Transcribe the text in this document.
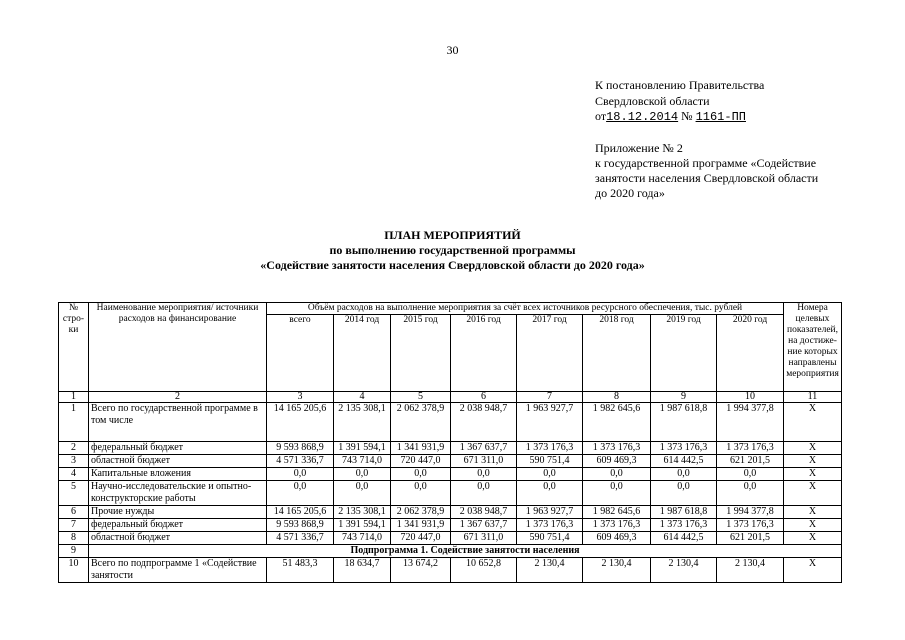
30
К постановлению Правительства
Свердловской области
от18.12.2014 № 1161-ПП
Приложение № 2
к государственной программе «Содействие
занятости населения Свердловской области
до 2020 года»
ПЛАН МЕРОПРИЯТИЙ
по выполнению государственной программы
«Содействие занятости населения Свердловской области до 2020 года»
№ стро-ки	Наименование мероприятия/ источники расходов на финансирование	Объём расходов на выполнение мероприятия за счёт всех источников ресурсного обеспечения, тыс. рублей								Номера целевых показателей, на достиже-ние которых направлены мероприятия
		всего	2014 год	2015 год	2016 год	2017 год	2018 год	2019 год	2020 год	
1	2	3	4	5	6	7	8	9	10	11
1	Всего по государственной программе в том числе	14 165 205,6	2 135 308,1	2 062 378,9	2 038 948,7	1 963 927,7	1 982 645,6	1 987 618,8	1 994 377,8	Х
2	федеральный бюджет	9 593 868,9	1 391 594,1	1 341 931,9	1 367 637,7	1 373 176,3	1 373 176,3	1 373 176,3	1 373 176,3	Х
3	областной бюджет	4 571 336,7	743 714,0	720 447,0	671 311,0	590 751,4	609 469,3	614 442,5	621 201,5	Х
4	Капитальные вложения	0,0	0,0	0,0	0,0	0,0	0,0	0,0	0,0	Х
5	Научно-исследовательские и опытно-конструкторские работы	0,0	0,0	0,0	0,0	0,0	0,0	0,0	0,0	Х
6	Прочие нужды	14 165 205,6	2 135 308,1	2 062 378,9	2 038 948,7	1 963 927,7	1 982 645,6	1 987 618,8	1 994 377,8	Х
7	федеральный бюджет	9 593 868,9	1 391 594,1	1 341 931,9	1 367 637,7	1 373 176,3	1 373 176,3	1 373 176,3	1 373 176,3	Х
8	областной бюджет	4 571 336,7	743 714,0	720 447,0	671 311,0	590 751,4	609 469,3	614 442,5	621 201,5	Х
9	Подпрограмма 1. Содействие занятости населения									
10	Всего по подпрограмме 1 «Содействие занятости	51 483,3	18 634,7	13 674,2	10 652,8	2 130,4	2 130,4	2 130,4	2 130,4	Х
